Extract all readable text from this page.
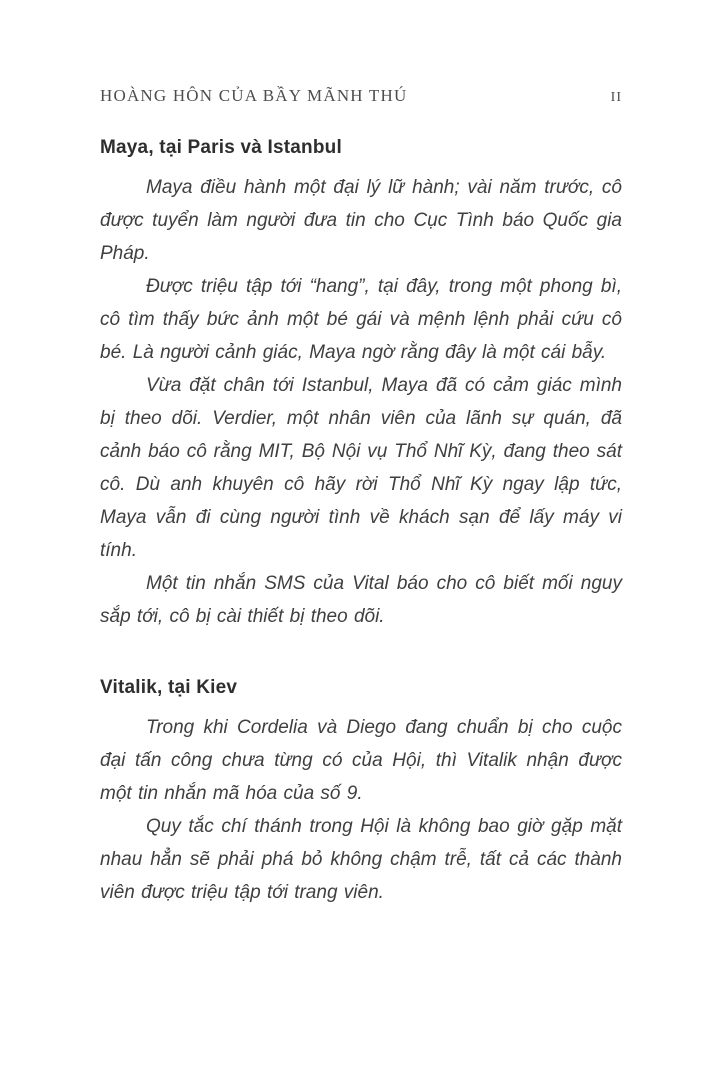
HOÀNG HÔN CỦA BẦY MÃNH THÚ	II
Maya, tại Paris và Istanbul

Maya điều hành một đại lý lữ hành; vài năm trước, cô được tuyển làm người đưa tin cho Cục Tình báo Quốc gia Pháp.

Được triệu tập tới “hang”, tại đây, trong một phong bì, cô tìm thấy bức ảnh một bé gái và mệnh lệnh phải cứu cô bé. Là người cảnh giác, Maya ngờ rằng đây là một cái bẫy.

Vừa đặt chân tới Istanbul, Maya đã có cảm giác mình bị theo dõi. Verdier, một nhân viên của lãnh sự quán, đã cảnh báo cô rằng MIT, Bộ Nội vụ Thổ Nhĩ Kỳ, đang theo sát cô. Dù anh khuyên cô hãy rời Thổ Nhĩ Kỳ ngay lập tức, Maya vẫn đi cùng người tình về khách sạn để lấy máy vi tính.

Một tin nhắn SMS của Vital báo cho cô biết mối nguy sắp tới, cô bị cài thiết bị theo dõi.

Vitalik, tại Kiev

Trong khi Cordelia và Diego đang chuẩn bị cho cuộc đại tấn công chưa từng có của Hội, thì Vitalik nhận được một tin nhắn mã hóa của số 9.

Quy tắc chí thánh trong Hội là không bao giờ gặp mặt nhau hẳn sẽ phải phá bỏ không chậm trễ, tất cả các thành viên được triệu tập tới trang viên.
